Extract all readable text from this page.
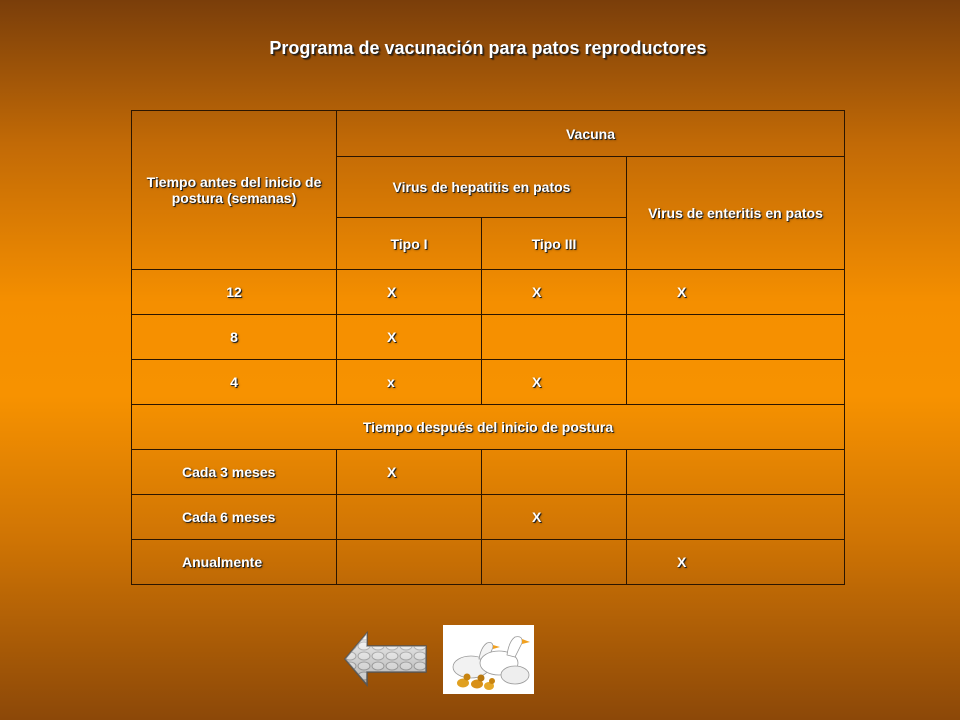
Programa de vacunación para patos reproductores
Tiempo antes del inicio de postura (semanas)	Vacuna		
	Virus de hepatitis en patos		Virus de enteritis en patos
	Tipo I	Tipo III	
12	X	X	X
8	X		
4	x	X	
Tiempo después del inicio de postura			
Cada 3 meses	X		
Cada 6 meses		X	
Anualmente			X
